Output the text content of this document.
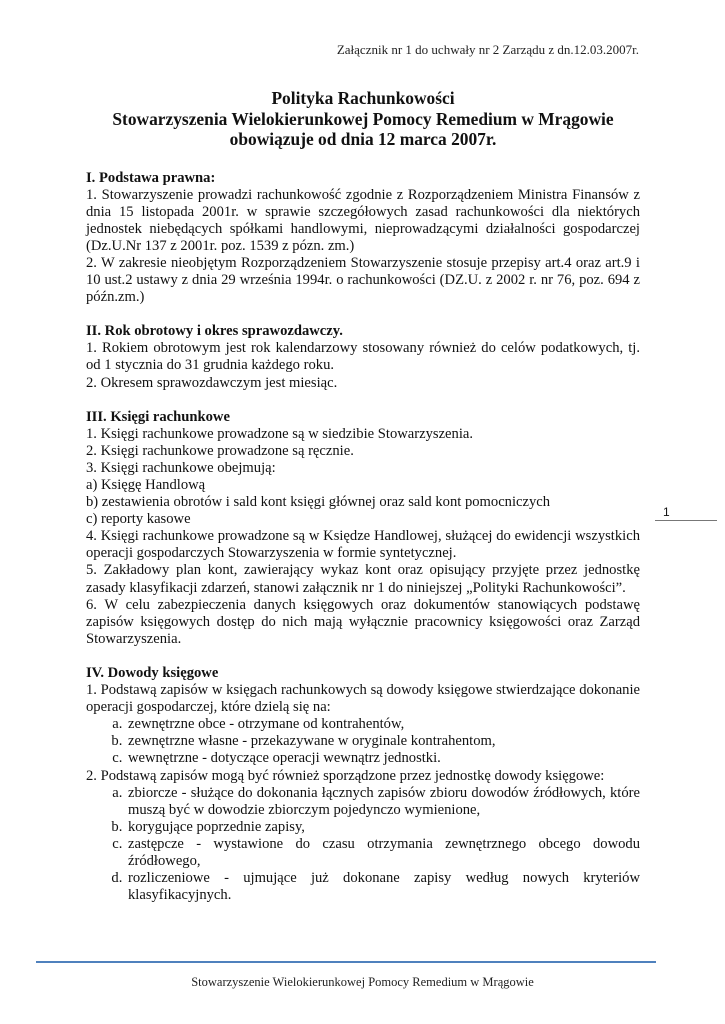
Załącznik nr 1 do uchwały nr 2 Zarządu z dn.12.03.2007r.
Polityka Rachunkowości
Stowarzyszenia Wielokierunkowej Pomocy Remedium w Mrągowie
obowiązuje od dnia 12 marca 2007r.
I. Podstawa prawna:

1. Stowarzyszenie prowadzi rachunkowość zgodnie z Rozporządzeniem Ministra Finansów z dnia 15 listopada 2001r. w sprawie szczegółowych zasad rachunkowości dla niektórych jednostek niebędących spółkami handlowymi, nieprowadzącymi działalności gospodarczej (Dz.U.Nr 137 z 2001r. poz. 1539 z pózn. zm.)

2. W zakresie nieobjętym Rozporządzeniem Stowarzyszenie stosuje przepisy art.4 oraz art.9 i 10 ust.2 ustawy z dnia 29 września 1994r. o rachunkowości (DZ.U. z 2002 r. nr 76, poz. 694 z późn.zm.)

II. Rok obrotowy i okres sprawozdawczy.

1. Rokiem obrotowym jest rok kalendarzowy stosowany również do celów podatkowych, tj. od 1 stycznia do 31 grudnia każdego roku.

2. Okresem sprawozdawczym jest miesiąc.

III. Księgi rachunkowe

1. Księgi rachunkowe prowadzone są w siedzibie Stowarzyszenia.

2. Księgi rachunkowe prowadzone są ręcznie.

3. Księgi rachunkowe obejmują:

a) Księgę Handlową

b) zestawienia obrotów i sald kont księgi głównej oraz sald kont pomocniczych

c) reporty kasowe

4. Księgi rachunkowe prowadzone są w Księdze Handlowej, służącej do ewidencji wszystkich operacji gospodarczych Stowarzyszenia w formie syntetycznej.

5. Zakładowy plan kont, zawierający wykaz kont oraz opisujący przyjęte przez jednostkę zasady klasyfikacji zdarzeń, stanowi załącznik nr 1 do niniejszej „Polityki Rachunkowości”.

6. W celu zabezpieczenia danych księgowych oraz dokumentów stanowiących podstawę zapisów księgowych dostęp do nich mają wyłącznie pracownicy księgowości oraz Zarząd Stowarzyszenia.

IV. Dowody księgowe

1. Podstawą zapisów w księgach rachunkowych są dowody księgowe stwierdzające dokonanie operacji gospodarczej, które dzielą się na:

a. zewnętrzne obce - otrzymane od kontrahentów,
b. zewnętrzne własne - przekazywane w oryginale kontrahentom,
c. wewnętrzne - dotyczące operacji wewnątrz jednostki.

2. Podstawą zapisów mogą być również sporządzone przez jednostkę dowody księgowe:

a. zbiorcze - służące do dokonania łącznych zapisów zbioru dowodów źródłowych, które muszą być w dowodzie zbiorczym pojedynczo wymienione,
b. korygujące poprzednie zapisy,
c. zastępcze - wystawione do czasu otrzymania zewnętrznego obcego dowodu źródłowego,
d. rozliczeniowe - ujmujące już dokonane zapisy według nowych kryteriów klasyfikacyjnych.
1
Stowarzyszenie Wielokierunkowej Pomocy Remedium w Mrągowie
